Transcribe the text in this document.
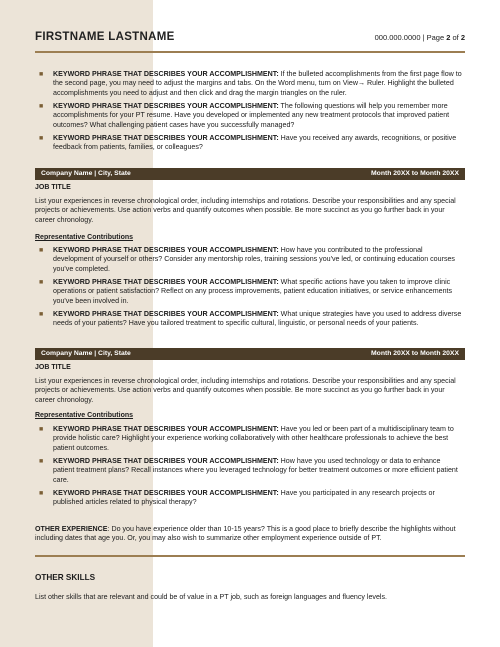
FIRSTNAME LASTNAME	000.000.0000 | Page 2 of 2
■ KEYWORD PHRASE THAT DESCRIBES YOUR ACCOMPLISHMENT: If the bulleted accomplishments from the first page flow to the second page, you may need to adjust the margins and tabs. On the Word menu, turn on View→ Ruler. Highlight the bulleted accomplishments you need to adjust and then click and drag the margin triangles on the ruler.
■ KEYWORD PHRASE THAT DESCRIBES YOUR ACCOMPLISHMENT: The following questions will help you remember more accomplishments for your PT resume. Have you developed or implemented any new treatment protocols that improved patient outcomes? What challenging patient cases have you successfully managed?
■ KEYWORD PHRASE THAT DESCRIBES YOUR ACCOMPLISHMENT: Have you received any awards, recognitions, or positive feedback from patients, families, or colleagues?
Company Name | City, State	Month 20XX to Month 20XX
JOB TITLE
List your experiences in reverse chronological order, including internships and rotations. Describe your responsibilities and any special projects or achievements. Use action verbs and quantify outcomes when possible. Be more succinct as you go further back in your career chronology.
Representative Contributions
■ KEYWORD PHRASE THAT DESCRIBES YOUR ACCOMPLISHMENT: How have you contributed to the professional development of yourself or others? Consider any mentorship roles, training sessions you've led, or continuing education courses you've completed.
■ KEYWORD PHRASE THAT DESCRIBES YOUR ACCOMPLISHMENT: What specific actions have you taken to improve clinic operations or patient satisfaction? Reflect on any process improvements, patient education initiatives, or service enhancements you've been involved in.
■ KEYWORD PHRASE THAT DESCRIBES YOUR ACCOMPLISHMENT: What unique strategies have you used to address diverse needs of your patients? Have you tailored treatment to specific cultural, linguistic, or personal needs of your patients.
Company Name | City, State	Month 20XX to Month 20XX
JOB TITLE
List your experiences in reverse chronological order, including internships and rotations. Describe your responsibilities and any special projects or achievements. Use action verbs and quantify outcomes when possible. Be more succinct as you go further back in your career chronology.
Representative Contributions
■ KEYWORD PHRASE THAT DESCRIBES YOUR ACCOMPLISHMENT: Have you led or been part of a multidisciplinary team to provide holistic care? Highlight your experience working collaboratively with other healthcare professionals to achieve the best patient outcomes.
■ KEYWORD PHRASE THAT DESCRIBES YOUR ACCOMPLISHMENT: How have you used technology or data to enhance patient treatment plans? Recall instances where you leveraged technology for better treatment outcomes or more efficient patient care.
■ KEYWORD PHRASE THAT DESCRIBES YOUR ACCOMPLISHMENT: Have you participated in any research projects or published articles related to physical therapy?
OTHER EXPERIENCE: Do you have experience older than 10-15 years? This is a good place to briefly describe the highlights without including dates that age you. Or, you may also wish to summarize other employment experience outside of PT.
OTHER SKILLS
List other skills that are relevant and could be of value in a PT job, such as foreign languages and fluency levels.
